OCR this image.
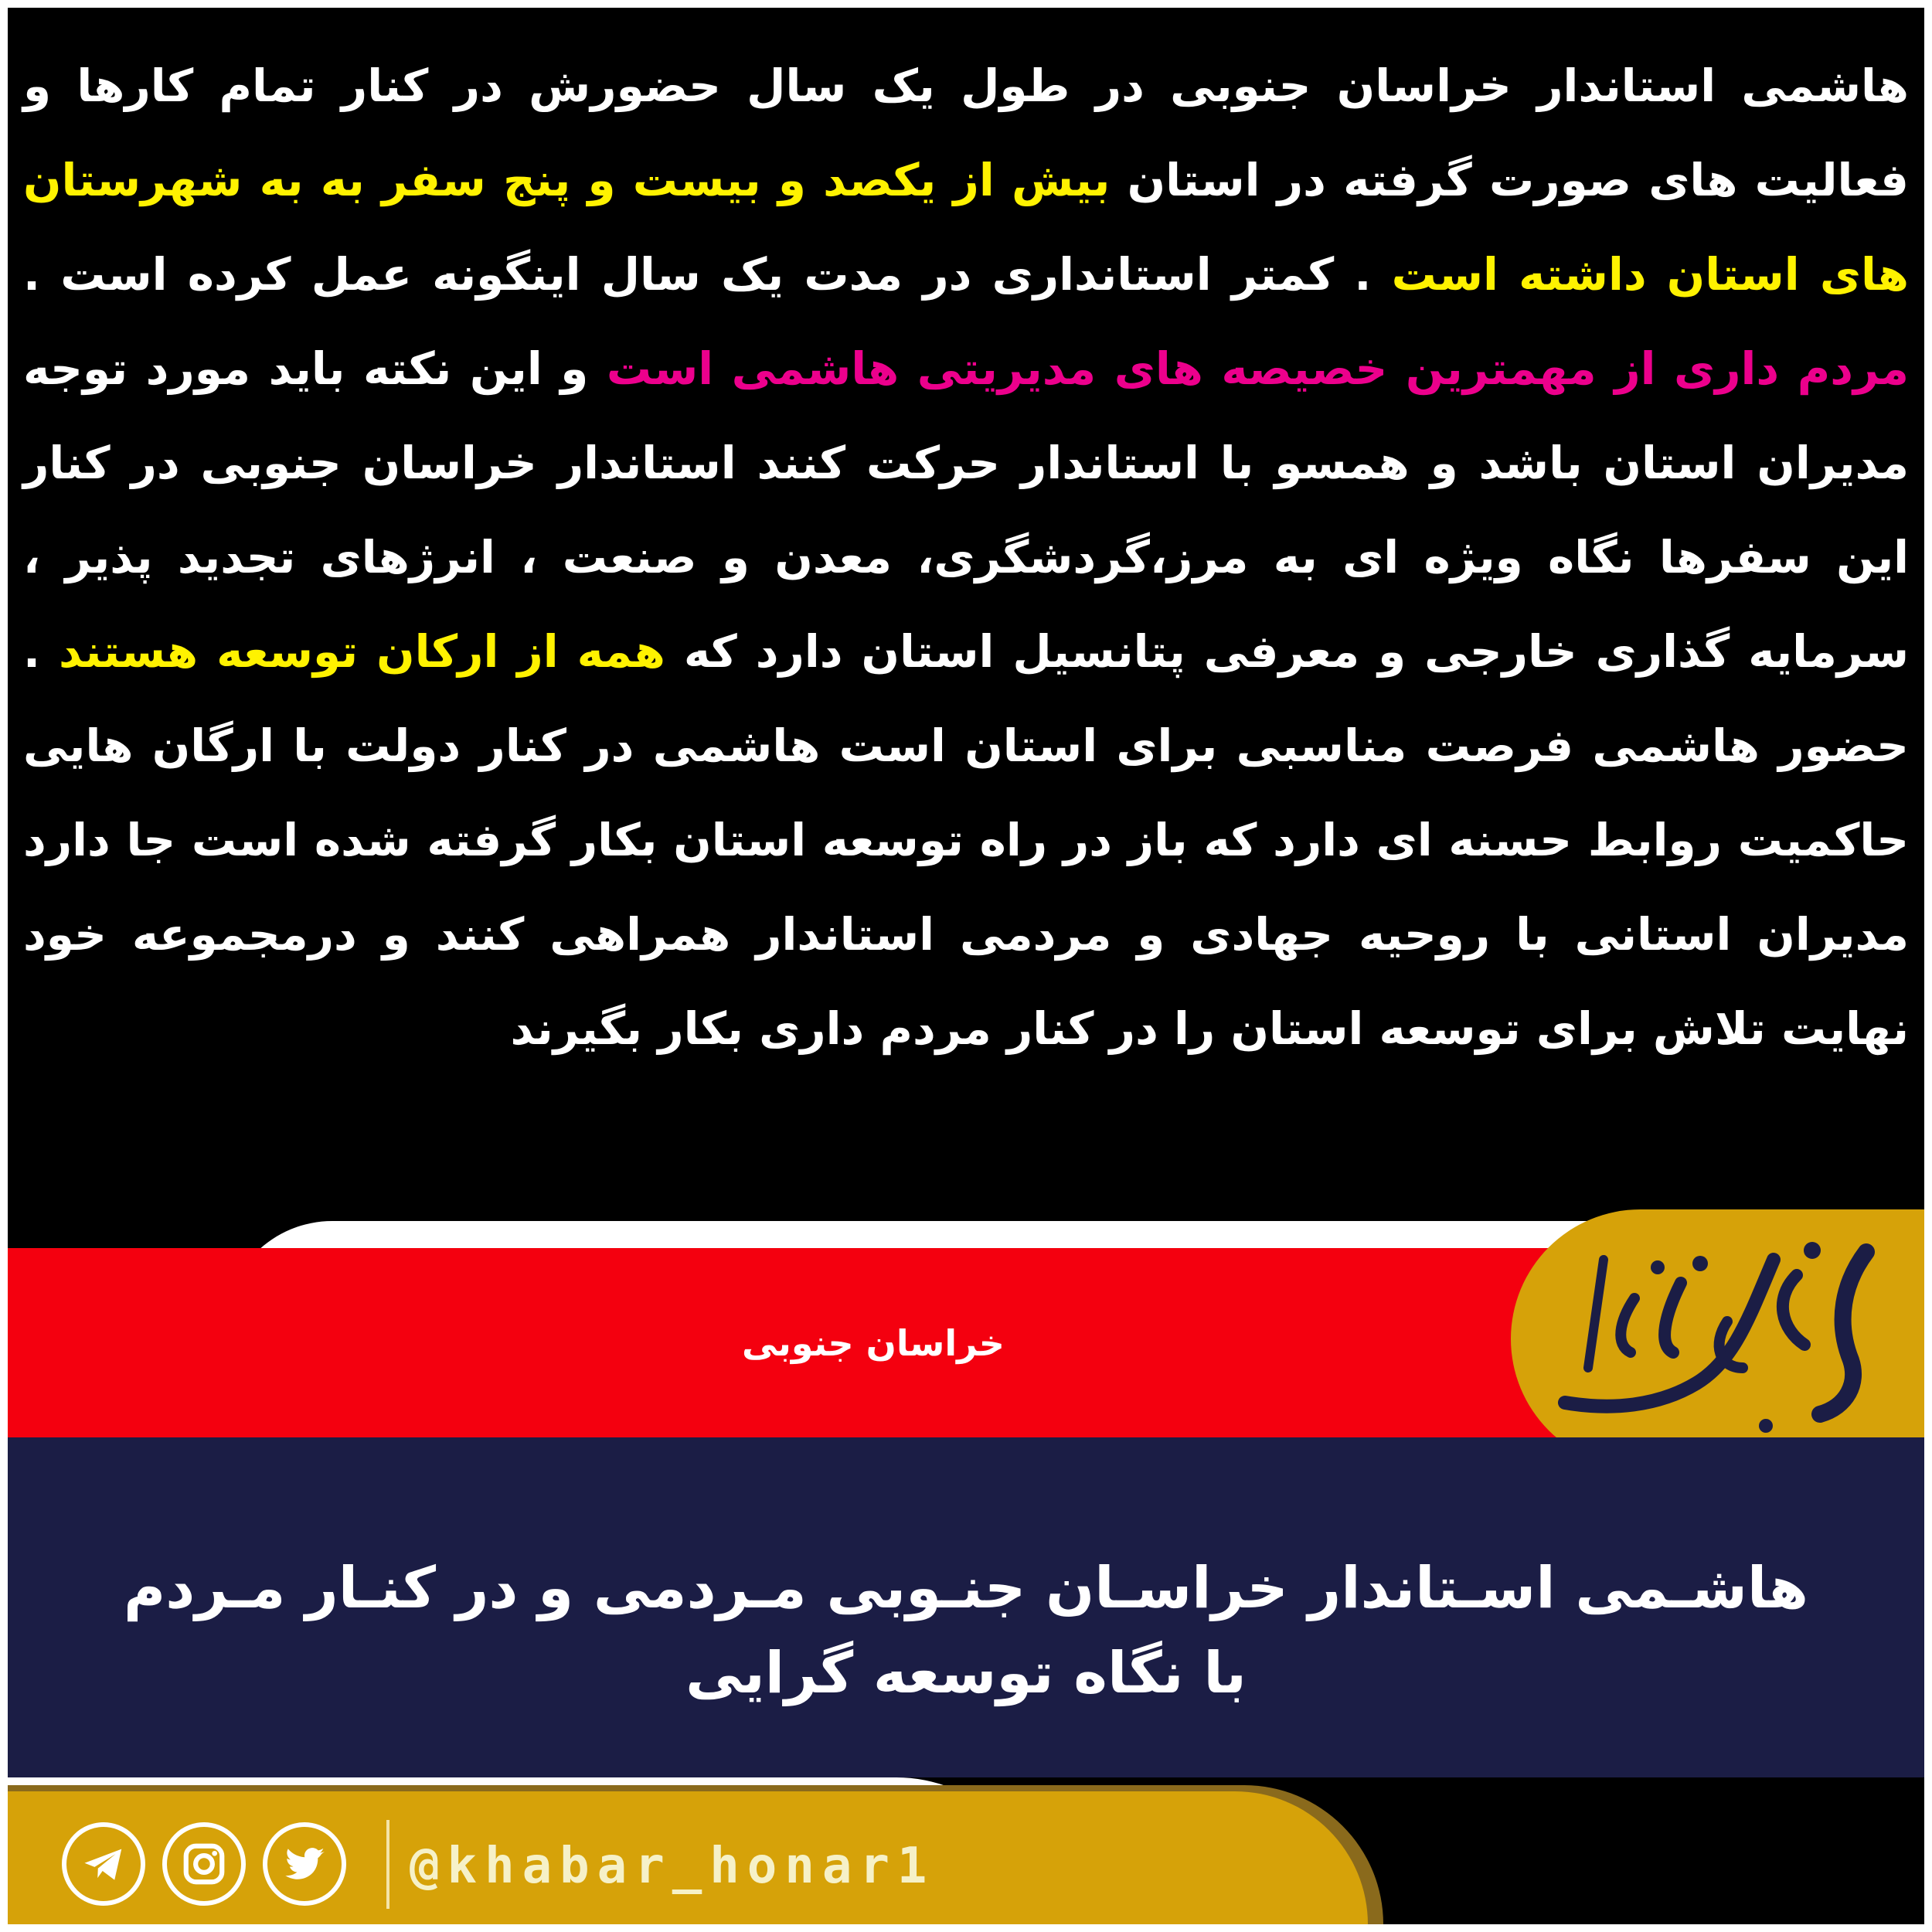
هاشمی استاندار خراسان جنوبی در طول یک سال حضورش در کنار تمام کارها و فعالیت های صورت گرفته در استان بیش از یکصد و بیست و پنج سفر به به شهرستان های استان داشته است . کمتر استانداری در مدت یک سال اینگونه عمل کرده است . مردم داری از مهمترین خصیصه های مدیریتی هاشمی است و این نکته باید مورد توجه مدیران استان باشد و همسو با استاندار حرکت کنند استاندار خراسان جنوبی در کنار این سفرها نگاه ویژه ای به مرز،گردشگری، معدن و صنعت ، انرژهای تجدید پذیر ، سرمایه گذاری خارجی و معرفی پتانسیل استان دارد که همه از ارکان توسعه هستند . حضور هاشمی فرصت مناسبی برای استان است هاشمی در کنار دولت با ارگان هایی حاکمیت روابط حسنه ای دارد که باز در راه توسعه استان بکار گرفته شده است جا دارد مدیران استانی با روحیه جهادی و مردمی استاندار همراهی کنند و درمجموعه خود نهایت تلاش برای توسعه استان را در کنار مردم داری بکار بگیرند
خراسان جنوبی
هاشـمی اسـتاندار خراسـان جنـوبی مـردمی و در کنـار مـردم
با نگاه توسعه گرایی
@khabar_honar1
